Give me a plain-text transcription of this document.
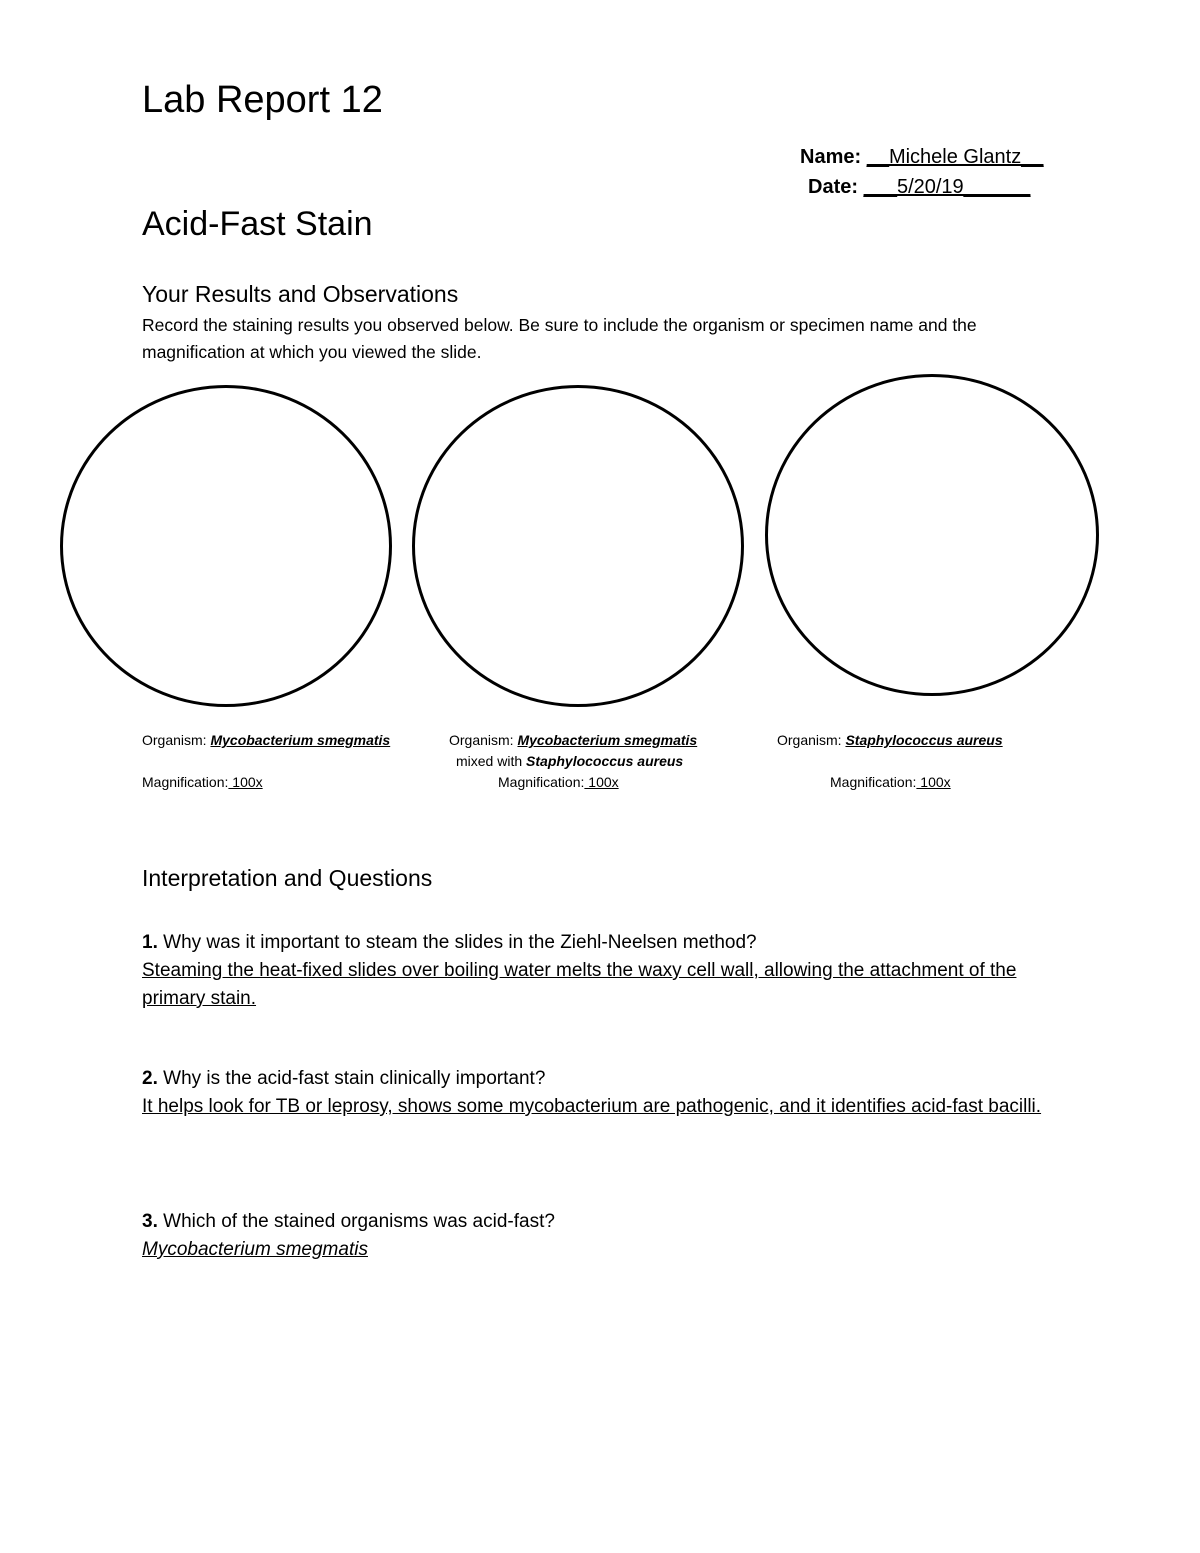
Lab Report 12
Name: __Michele Glantz__
Date: ___5/20/19______
Acid-Fast Stain
Your Results and Observations
Record the staining results you observed below. Be sure to include the organism or specimen name and the magnification at which you viewed the slide.
Organism: Mycobacterium smegmatis
Magnification: 100x
Organism: Mycobacterium smegmatis
mixed with Staphylococcus aureus
Magnification: 100x
Organism: Staphylococcus aureus
Magnification: 100x
Interpretation and Questions
1. Why was it important to steam the slides in the Ziehl-Neelsen method?
Steaming the heat-fixed slides over boiling water melts the waxy cell wall, allowing the attachment of the primary stain.
2. Why is the acid-fast stain clinically important?
It helps look for TB or leprosy, shows some mycobacterium are pathogenic, and it identifies acid-fast bacilli.
3. Which of the stained organisms was acid-fast?
Mycobacterium smegmatis
